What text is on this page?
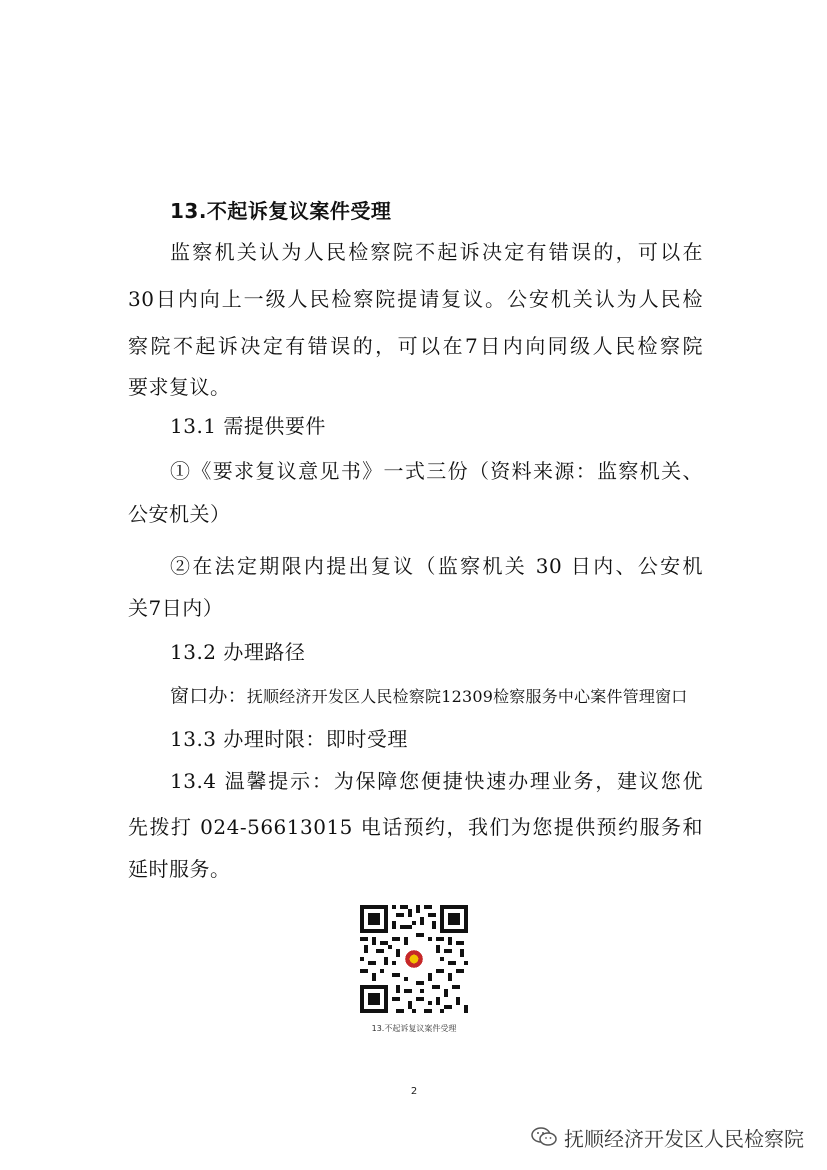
13.不起诉复议案件受理
监察机关认为人民检察院不起诉决定有错误的，可以在
30日内向上一级人民检察院提请复议。公安机关认为人民检
察院不起诉决定有错误的，可以在7日内向同级人民检察院
要求复议。
13.1 需提供要件
①《要求复议意见书》一式三份（资料来源：监察机关、
公安机关）
②在法定期限内提出复议（监察机关 30 日内、公安机
关7日内）
13.2 办理路径
窗口办：抚顺经济开发区人民检察院12309检察服务中心案件管理窗口
13.3 办理时限：即时受理
13.4 温馨提示：为保障您便捷快速办理业务，建议您优
先拨打 024-56613015 电话预约，我们为您提供预约服务和
延时服务。
13.不起诉复议案件受理
2
抚顺经济开发区人民检察院
